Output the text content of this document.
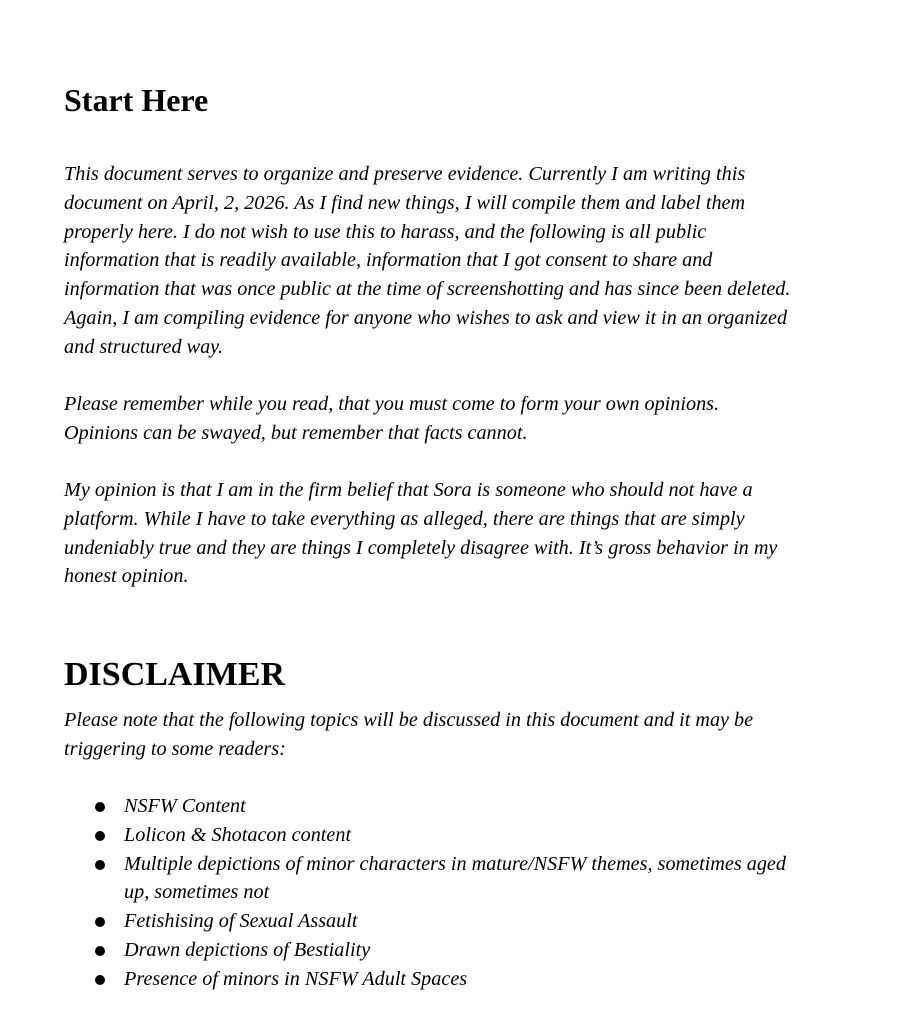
Start Here

This document serves to organize and preserve evidence. Currently I am writing this
document on April, 2, 2026. As I find new things, I will compile them and label them
properly here. I do not wish to use this to harass, and the following is all public
information that is readily available, information that I got consent to share and
information that was once public at the time of screenshotting and has since been deleted.
Again, I am compiling evidence for anyone who wishes to ask and view it in an organized
and structured way.

Please remember while you read, that you must come to form your own opinions.
Opinions can be swayed, but remember that facts cannot.

My opinion is that I am in the firm belief that Sora is someone who should not have a
platform. While I have to take everything as alleged, there are things that are simply
undeniably true and they are things I completely disagree with. It’s gross behavior in my
honest opinion.

DISCLAIMER

Please note that the following topics will be discussed in this document and it may be
triggering to some readers:

NSFW Content
Lolicon & Shotacon content
Multiple depictions of minor characters in mature/NSFW themes, sometimes aged
up, sometimes not
Fetishising of Sexual Assault
Drawn depictions of Bestiality
Presence of minors in NSFW Adult Spaces
